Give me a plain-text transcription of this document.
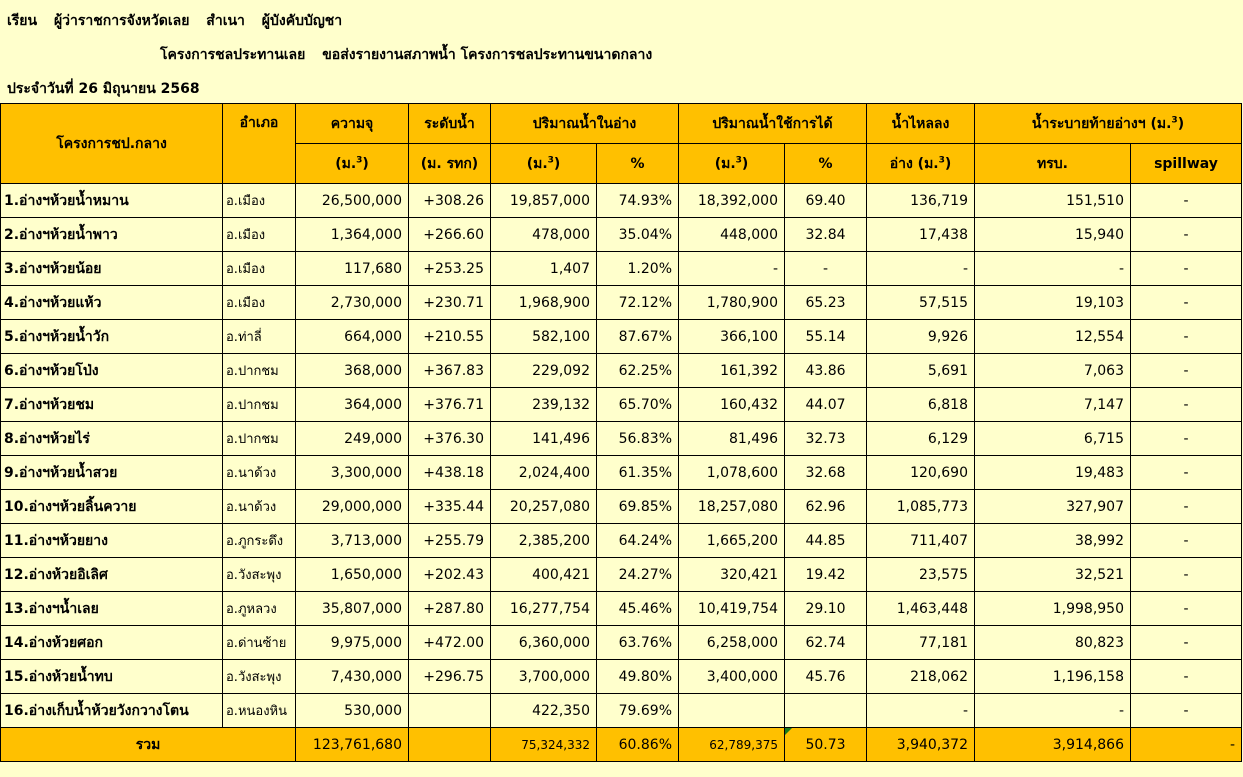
เรียน ผู้ว่าราชการจังหวัดเลย สำเนา ผู้บังคับบัญชา
โครงการชลประทานเลย ขอส่งรายงานสภาพน้ำ โครงการชลประทานขนาดกลาง
ประจำวันที่ 26 มิถุนายน 2568
โครงการชป.กลาง	อำเภอ	ความจุ	ระดับน้ำ	ปริมาณน้ำในอ่าง		ปริมาณน้ำใช้การได้		น้ำไหลลง	น้ำระบายท้ายอ่างฯ (ม.$^3$)	
		(ม.$^3$)	(ม. รทก)	(ม.$^3$)	%	(ม.$^3$)	%	อ่าง (ม.$^3$)	ทรบ.	spillway
1.อ่างฯห้วยน้ำหมาน	อ.เมือง	26,500,000	+308.26	19,857,000	74.93%	18,392,000	69.40	136,719	151,510	-
2.อ่างฯห้วยน้ำพาว	อ.เมือง	1,364,000	+266.60	478,000	35.04%	448,000	32.84	17,438	15,940	-
3.อ่างฯห้วยน้อย	อ.เมือง	117,680	+253.25	1,407	1.20%	-	-	-	-	-
4.อ่างฯห้วยแห้ว	อ.เมือง	2,730,000	+230.71	1,968,900	72.12%	1,780,900	65.23	57,515	19,103	-
5.อ่างฯห้วยน้ำวัก	อ.ท่าลี่	664,000	+210.55	582,100	87.67%	366,100	55.14	9,926	12,554	-
6.อ่างฯห้วยโป่ง	อ.ปากชม	368,000	+367.83	229,092	62.25%	161,392	43.86	5,691	7,063	-
7.อ่างฯห้วยชม	อ.ปากชม	364,000	+376.71	239,132	65.70%	160,432	44.07	6,818	7,147	-
8.อ่างฯห้วยไร่	อ.ปากชม	249,000	+376.30	141,496	56.83%	81,496	32.73	6,129	6,715	-
9.อ่างฯห้วยน้ำสวย	อ.นาด้วง	3,300,000	+438.18	2,024,400	61.35%	1,078,600	32.68	120,690	19,483	-
10.อ่างฯห้วยลิ้นควาย	อ.นาด้วง	29,000,000	+335.44	20,257,080	69.85%	18,257,080	62.96	1,085,773	327,907	-
11.อ่างฯห้วยยาง	อ.ภูกระดึง	3,713,000	+255.79	2,385,200	64.24%	1,665,200	44.85	711,407	38,992	-
12.อ่างห้วยอิเลิศ	อ.วังสะพุง	1,650,000	+202.43	400,421	24.27%	320,421	19.42	23,575	32,521	-
13.อ่างฯน้ำเลย	อ.ภูหลวง	35,807,000	+287.80	16,277,754	45.46%	10,419,754	29.10	1,463,448	1,998,950	-
14.อ่างห้วยศอก	อ.ด่านซ้าย	9,975,000	+472.00	6,360,000	63.76%	6,258,000	62.74	77,181	80,823	-
15.อ่างห้วยน้ำทบ	อ.วังสะพุง	7,430,000	+296.75	3,700,000	49.80%	3,400,000	45.76	218,062	1,196,158	-
16.อ่างเก็บน้ำห้วยวังกวางโตน	อ.หนองหิน	530,000		422,350	79.69%			-	-	-
รวม		123,761,680		75,324,332	60.86%	62,789,375	50.73	3,940,372	3,914,866	-
